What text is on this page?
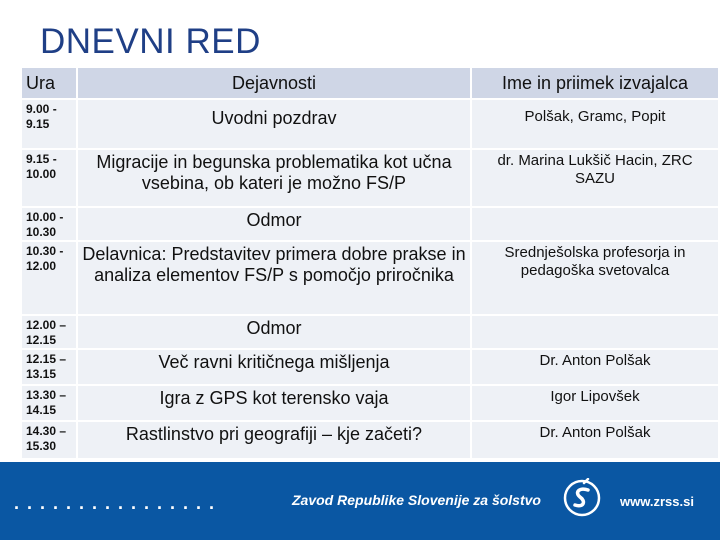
DNEVNI RED
Ura	Dejavnosti	Ime in priimek izvajalca
9.00 - 9.15	Uvodni pozdrav	Polšak, Gramc, Popit
9.15 - 10.00	Migracije in begunska problematika kot učna vsebina, ob kateri je možno FS/P	dr. Marina Lukšič Hacin, ZRC SAZU
10.00 - 10.30	Odmor	
10.30 - 12.00	Delavnica: Predstavitev primera dobre prakse in analiza elementov FS/P s pomočjo priročnika	Srednješolska profesorja in pedagoška svetovalca
12.00 – 12.15	Odmor	
12.15 – 13.15	Več ravni kritičnega mišljenja	Dr. Anton Polšak
13.30 – 14.15	Igra z GPS kot terensko vaja	Igor Lipovšek
14.30 – 15.30	Rastlinstvo pri geografiji – kje začeti?	Dr. Anton Polšak
................	Zavod Republike Slovenije za šolstvo	www.zrss.si
